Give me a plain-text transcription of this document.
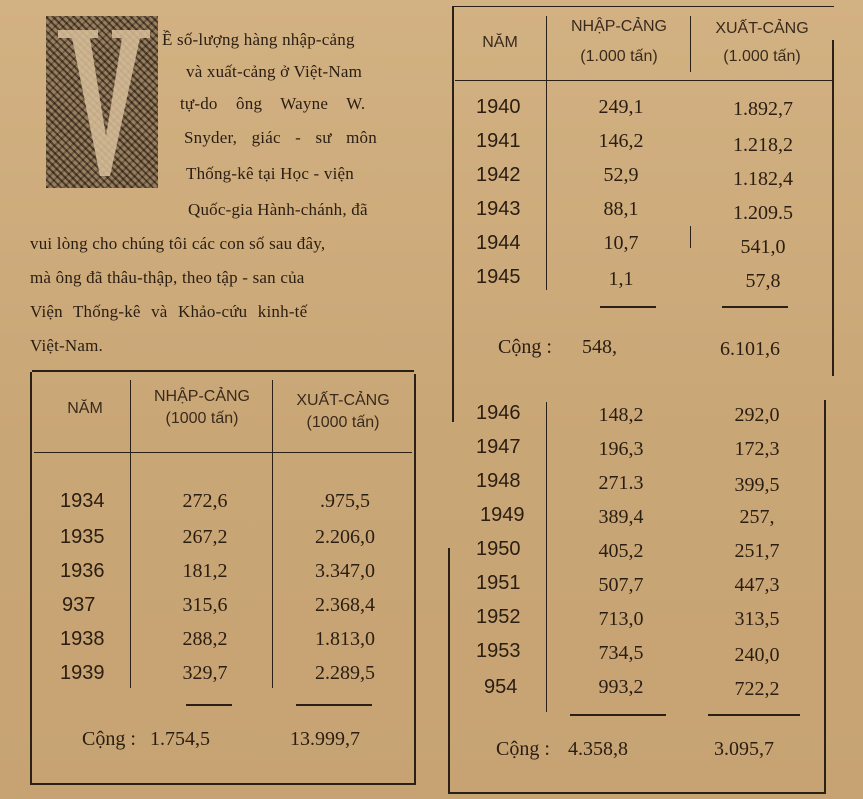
Ề số-lượng hàng nhập-cảng
và xuất-cảng ở Việt-Nam
tự-do ông Wayne W.
Snyder, giác - sư môn
Thống-kê tại Học - viện
Quốc-gia Hành-chánh, đã
vui lòng cho chúng tôi các con số sau đây,
mà ông đã thâu-thập, theo tập - san của
Viện Thống-kê và Khảo-cứu kinh-tế
Việt-Nam.
NĂM
NHẬP-CẢNG
(1000 tấn)
XUẤT-CẢNG
(1000 tấn)
1934	272,6	.975,5
1935	267,2	2.206,0
1936	181,2	3.347,0
937	315,6	2.368,4
1938	288,2	1.813,0
1939	329,7	2.289,5
Cộng : 1.754,5	13.999,7
NĂM
NHẬP-CẢNG
(1.000 tấn)
XUẤT-CẢNG
(1.000 tấn)
1940	249,1	1.892,7
1941	146,2	1.218,2
1942	52,9	1.182,4
1943	88,1	1.209.5
1944	10,7	541,0
1945	1,1	57,8
Cộng : 548,	6.101,6
1946	148,2	292,0
1947	196,3	172,3
1948	271.3	399,5
1949	389,4	257,
1950	405,2	251,7
1951	507,7	447,3
1952	713,0	313,5
1953	734,5	240,0
954	993,2	722,2
Cộng : 4.358,8	3.095,7
